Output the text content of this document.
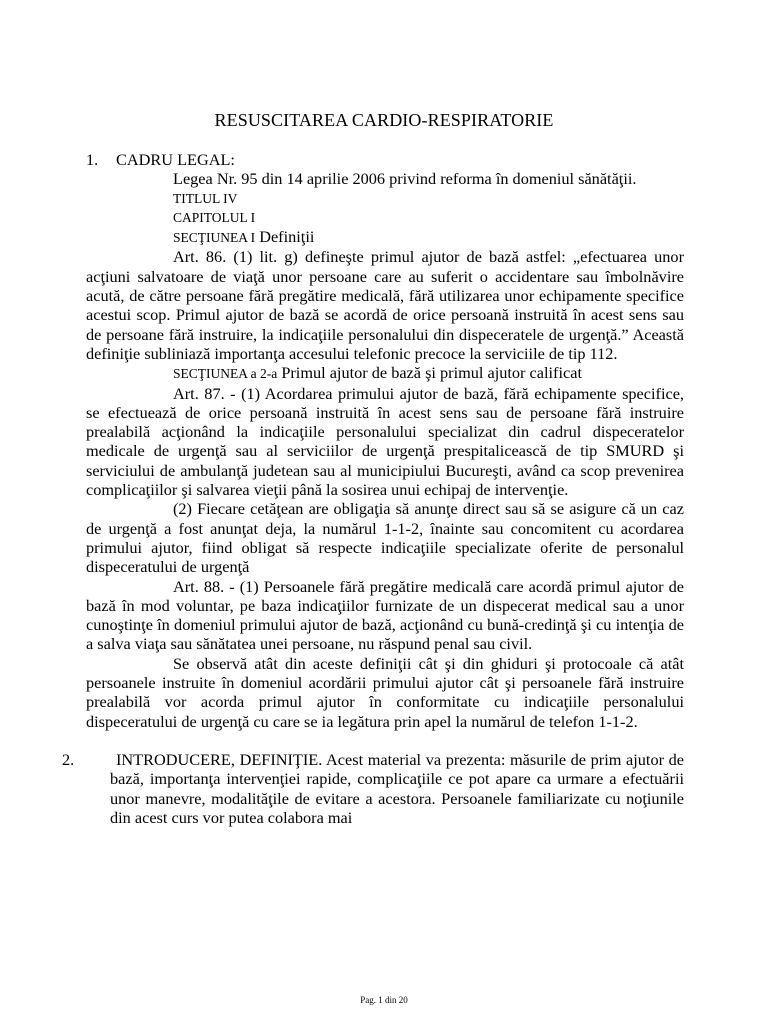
RESUSCITAREA CARDIO-RESPIRATORIE

1. CADRU LEGAL:

Legea Nr. 95 din 14 aprilie 2006 privind reforma în domeniul sănătăţii.

TITLUL IV

CAPITOLUL I

SECŢIUNEA I Definiţii

Art. 86. (1) lit. g) defineşte primul ajutor de bază astfel: „efectuarea unor acţiuni salvatoare de viaţă unor persoane care au suferit o accidentare sau îmbolnăvire acută, de către persoane fără pregătire medicală, fără utilizarea unor echipamente specifice acestui scop. Primul ajutor de bază se acordă de orice persoană instruită în acest sens sau de persoane fără instruire, la indicaţiile personalului din dispeceratele de urgenţă.” Această definiţie subliniază importanţa accesului telefonic precoce la serviciile de tip 112.

SECŢIUNEA a 2-a Primul ajutor de bază şi primul ajutor calificat

Art. 87. - (1) Acordarea primului ajutor de bază, fără echipamente specifice, se efectuează de orice persoană instruită în acest sens sau de persoane fără instruire prealabilă acţionând la indicaţiile personalului specializat din cadrul dispeceratelor medicale de urgenţă sau al serviciilor de urgenţă prespitalicească de tip SMURD şi serviciului de ambulanţă judetean sau al municipiului Bucureşti, având ca scop prevenirea complicaţiilor şi salvarea vieţii până la sosirea unui echipaj de intervenţie.

(2) Fiecare cetăţean are obligaţia să anunţe direct sau să se asigure că un caz de urgenţă a fost anunţat deja, la numărul 1-1-2, înainte sau concomitent cu acordarea primului ajutor, fiind obligat să respecte indicaţiile specializate oferite de personalul dispeceratului de urgenţă

Art. 88. - (1) Persoanele fără pregătire medicală care acordă primul ajutor de bază în mod voluntar, pe baza indicaţiilor furnizate de un dispecerat medical sau a unor cunoştinţe în domeniul primului ajutor de bază, acţionând cu bună-credinţă şi cu intenţia de a salva viaţa sau sănătatea unei persoane, nu răspund penal sau civil.

Se observă atât din aceste definiţii cât şi din ghiduri şi protocoale că atât persoanele instruite în domeniul acordării primului ajutor cât şi persoanele fără instruire prealabilă vor acorda primul ajutor în conformitate cu indicaţiile personalului dispeceratului de urgenţă cu care se ia legătura prin apel la numărul de telefon 1-1-2.

2.	INTRODUCERE, DEFINIŢIE. Acest material va prezenta: măsurile de prim ajutor de bază, importanţa intervenţiei rapide, complicaţiile ce pot apare ca urmare a efectuării unor manevre, modalităţile de evitare a acestora. Persoanele familiarizate cu noţiunile din acest curs vor putea colabora mai

Pag. 1 din 20
